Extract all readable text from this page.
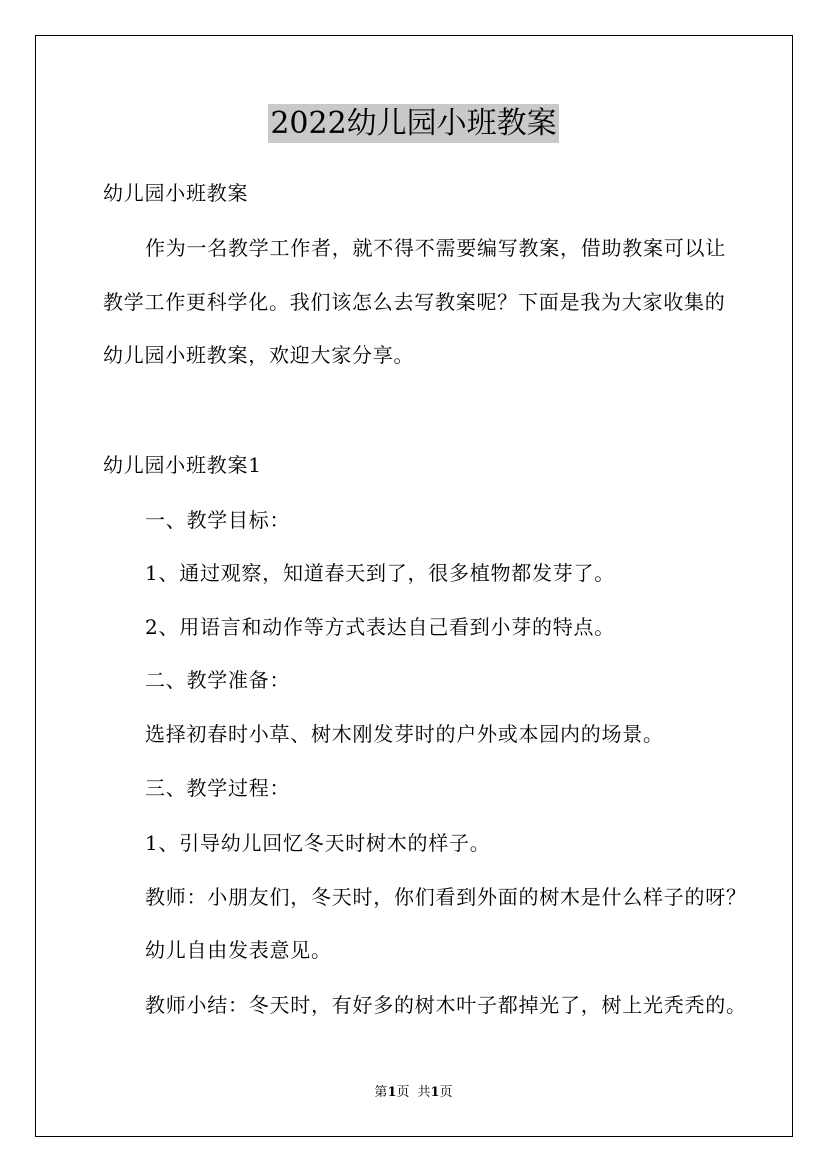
2022幼儿园小班教案
幼儿园小班教案
作为一名教学工作者，就不得不需要编写教案，借助教案可以让
教学工作更科学化。我们该怎么去写教案呢？下面是我为大家收集的
幼儿园小班教案，欢迎大家分享。
幼儿园小班教案1
一、教学目标：
1、通过观察，知道春天到了，很多植物都发芽了。
2、用语言和动作等方式表达自己看到小芽的特点。
二、教学准备：
选择初春时小草、树木刚发芽时的户外或本园内的场景。
三、教学过程：
1、引导幼儿回忆冬天时树木的样子。
教师：小朋友们，冬天时，你们看到外面的树木是什么样子的呀？
幼儿自由发表意见。
教师小结：冬天时，有好多的树木叶子都掉光了，树上光秃秃的。
第1页 共1页
